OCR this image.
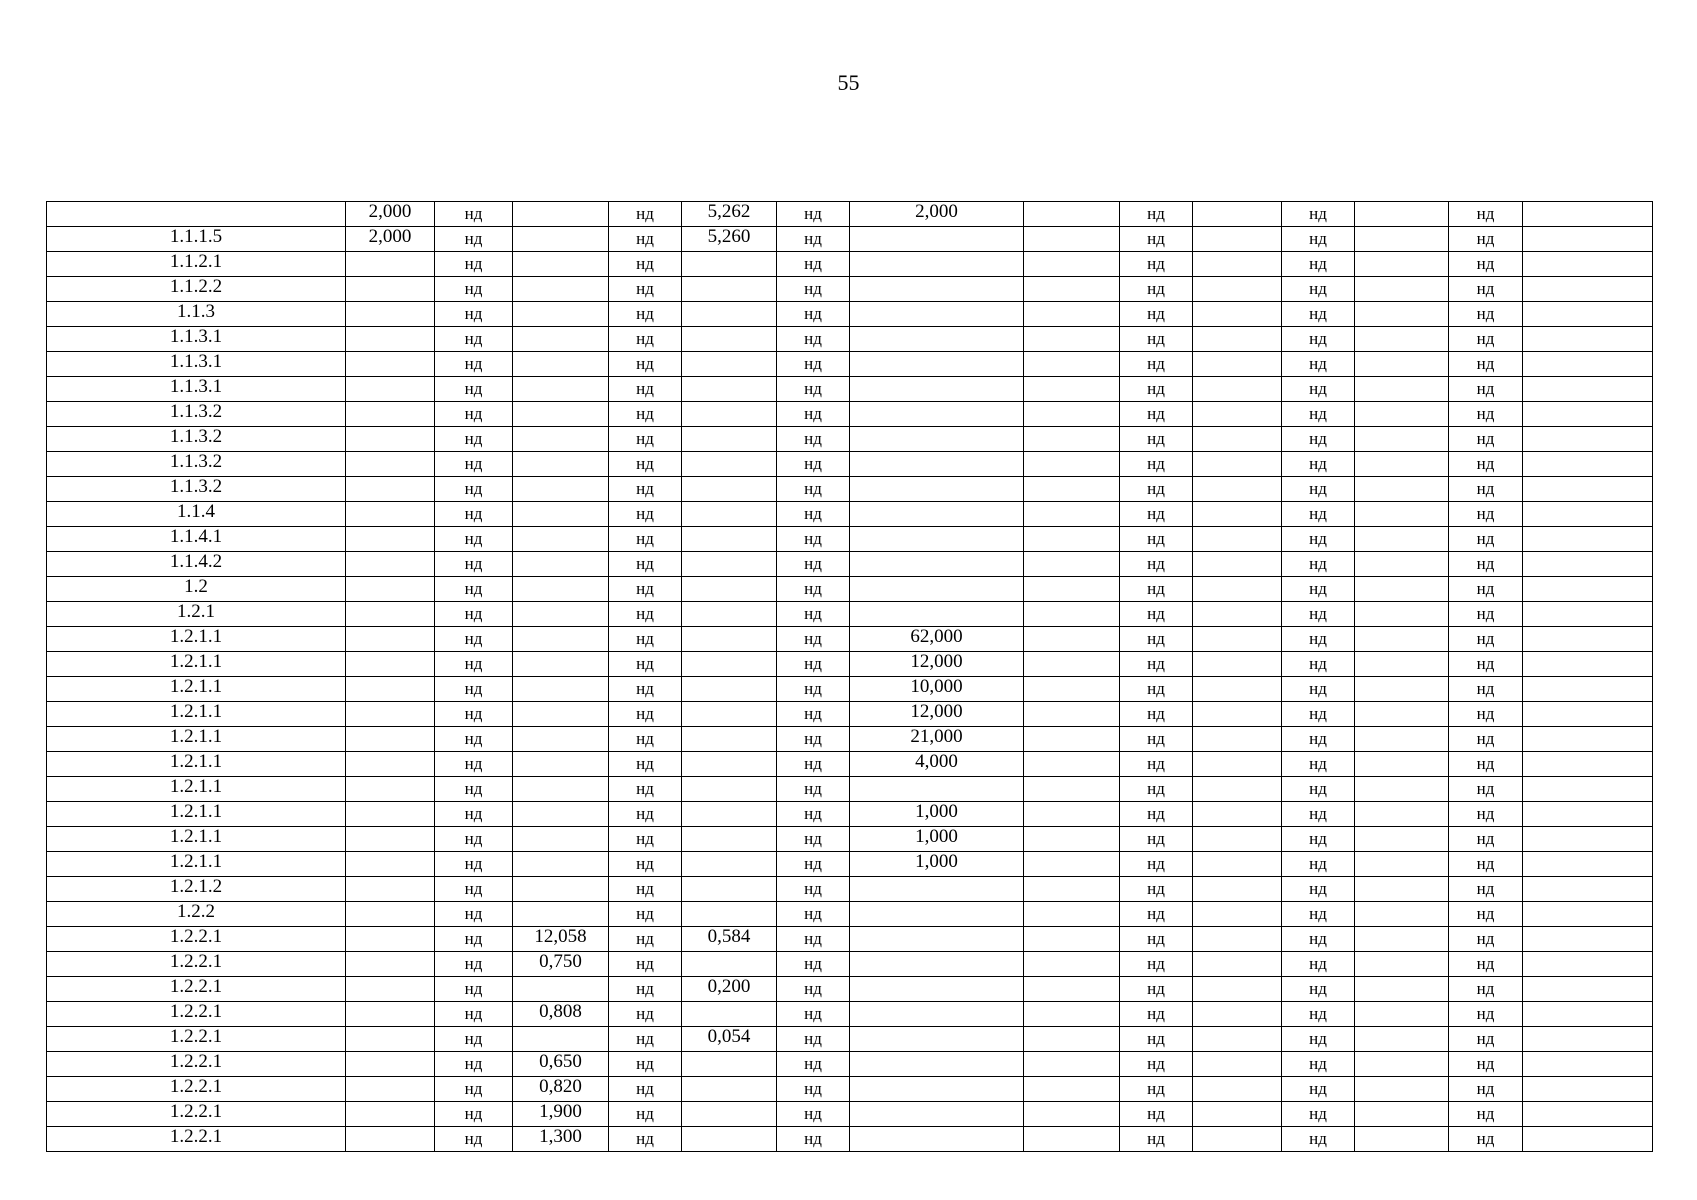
55
	2,000	нд		нд	5,262	нд	2,000		нд		нд		нд	
1.1.1.5	2,000	нд		нд	5,260	нд			нд		нд		нд	
1.1.2.1		нд		нд		нд			нд		нд		нд	
1.1.2.2		нд		нд		нд			нд		нд		нд	
1.1.3		нд		нд		нд			нд		нд		нд	
1.1.3.1		нд		нд		нд			нд		нд		нд	
1.1.3.1		нд		нд		нд			нд		нд		нд	
1.1.3.1		нд		нд		нд			нд		нд		нд	
1.1.3.2		нд		нд		нд			нд		нд		нд	
1.1.3.2		нд		нд		нд			нд		нд		нд	
1.1.3.2		нд		нд		нд			нд		нд		нд	
1.1.3.2		нд		нд		нд			нд		нд		нд	
1.1.4		нд		нд		нд			нд		нд		нд	
1.1.4.1		нд		нд		нд			нд		нд		нд	
1.1.4.2		нд		нд		нд			нд		нд		нд	
1.2		нд		нд		нд			нд		нд		нд	
1.2.1		нд		нд		нд			нд		нд		нд	
1.2.1.1		нд		нд		нд	62,000		нд		нд		нд	
1.2.1.1		нд		нд		нд	12,000		нд		нд		нд	
1.2.1.1		нд		нд		нд	10,000		нд		нд		нд	
1.2.1.1		нд		нд		нд	12,000		нд		нд		нд	
1.2.1.1		нд		нд		нд	21,000		нд		нд		нд	
1.2.1.1		нд		нд		нд	4,000		нд		нд		нд	
1.2.1.1		нд		нд		нд			нд		нд		нд	
1.2.1.1		нд		нд		нд	1,000		нд		нд		нд	
1.2.1.1		нд		нд		нд	1,000		нд		нд		нд	
1.2.1.1		нд		нд		нд	1,000		нд		нд		нд	
1.2.1.2		нд		нд		нд			нд		нд		нд	
1.2.2		нд		нд		нд			нд		нд		нд	
1.2.2.1		нд	12,058	нд	0,584	нд			нд		нд		нд	
1.2.2.1		нд	0,750	нд		нд			нд		нд		нд	
1.2.2.1		нд		нд	0,200	нд			нд		нд		нд	
1.2.2.1		нд	0,808	нд		нд			нд		нд		нд	
1.2.2.1		нд		нд	0,054	нд			нд		нд		нд	
1.2.2.1		нд	0,650	нд		нд			нд		нд		нд	
1.2.2.1		нд	0,820	нд		нд			нд		нд		нд	
1.2.2.1		нд	1,900	нд		нд			нд		нд		нд	
1.2.2.1		нд	1,300	нд		нд			нд		нд		нд	
